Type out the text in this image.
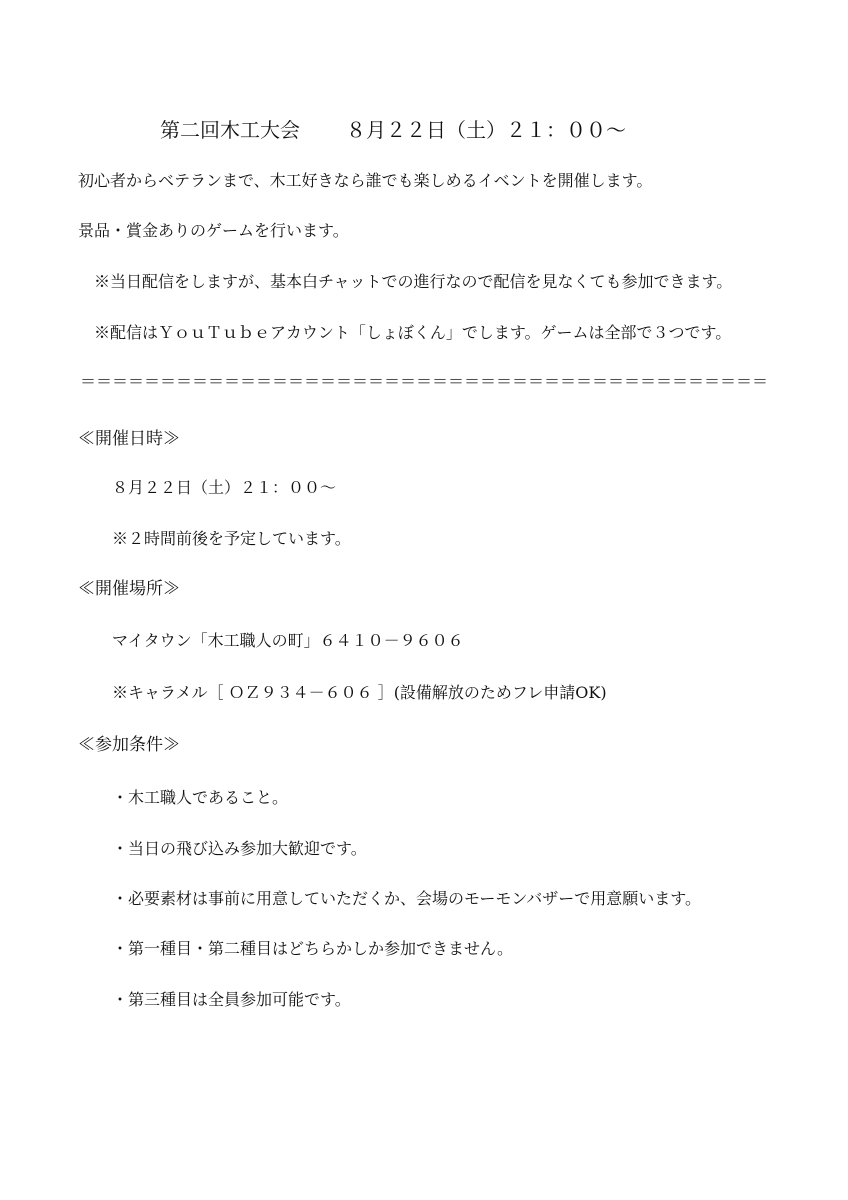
第二回木工大会 ８月２２日（土）２１：００～
初心者からベテランまで、木工好きなら誰でも楽しめるイベントを開催します。
景品・賞金ありのゲームを行います。
※当日配信をしますが、基本白チャットでの進行なので配信を見なくても参加できます。
※配信はＹｏｕＴｕｂｅアカウント「しょぼくん」でします。ゲームは全部で３つです。
＝＝＝＝＝＝＝＝＝＝＝＝＝＝＝＝＝＝＝＝＝＝＝＝＝＝＝＝＝＝＝＝＝＝＝＝＝＝＝＝＝＝＝
≪開催日時≫
８月２２日（土）２１：００～
※２時間前後を予定しています。
≪開催場所≫
マイタウン「木工職人の町」６４１０－９６０６
※キャラメル［ ＯＺ９３４－６０６ ］(設備解放のためフレ申請OK)
≪参加条件≫
・木工職人であること。
・当日の飛び込み参加大歓迎です。
・必要素材は事前に用意していただくか、会場のモーモンバザーで用意願います。
・第一種目・第二種目はどちらかしか参加できません。
・第三種目は全員参加可能です。
